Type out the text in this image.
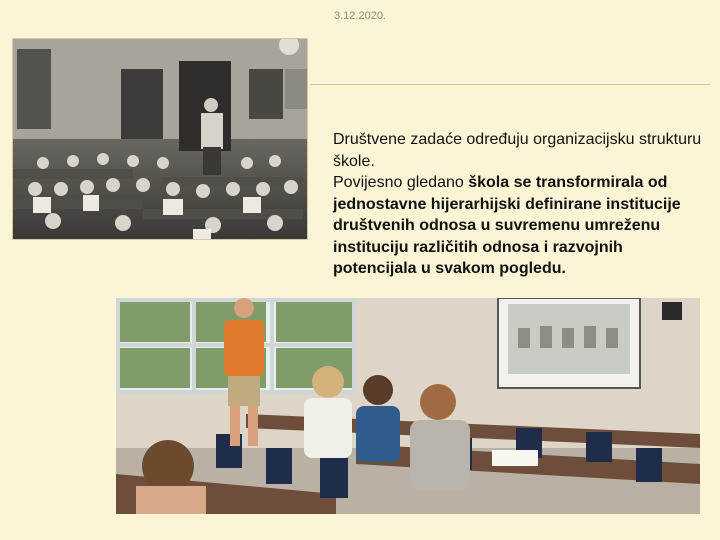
3.12.2020.

Društvene zadaće određuju organizacijsku strukturu škole.

Povijesno gledano škola se transformirala od jednostavne hijerarhijski definirane institucije društvenih odnosa u suvremenu umreženu instituciju različitih odnosa i razvojnih potencijala u svakom pogledu.
